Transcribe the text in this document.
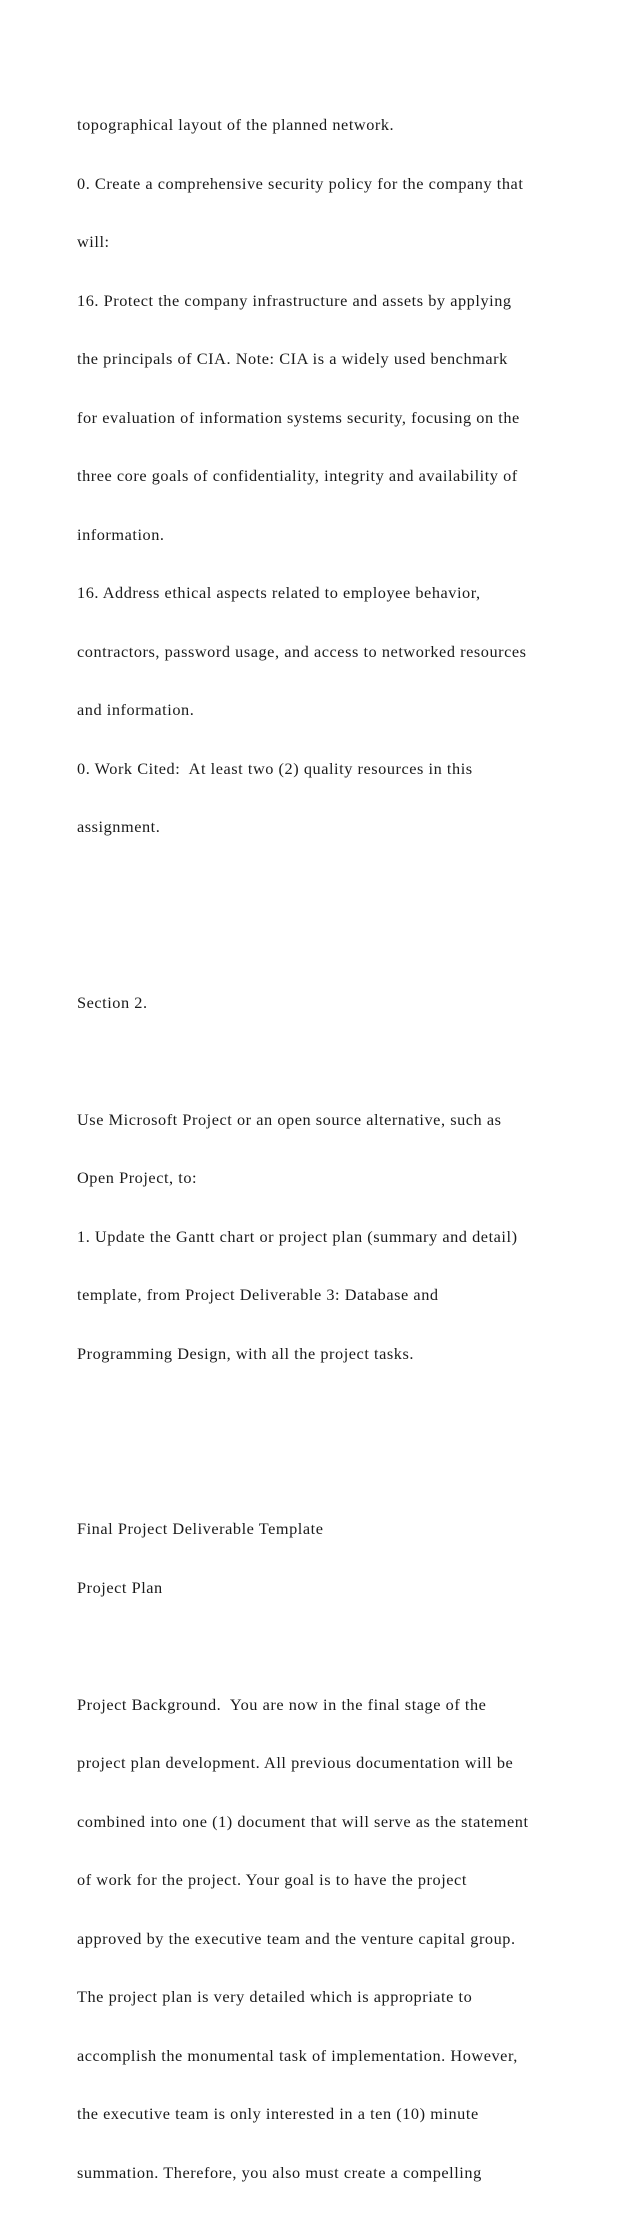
topographical layout of the planned network.

0. Create a comprehensive security policy for the company that

will:

16. Protect the company infrastructure and assets by applying

the principals of CIA. Note: CIA is a widely used benchmark

for evaluation of information systems security, focusing on the

three core goals of confidentiality, integrity and availability of

information.

16. Address ethical aspects related to employee behavior,

contractors, password usage, and access to networked resources

and information.

0. Work Cited:  At least two (2) quality resources in this

assignment.

Section 2.

Use Microsoft Project or an open source alternative, such as

Open Project, to:

1. Update the Gantt chart or project plan (summary and detail)

template, from Project Deliverable 3: Database and

Programming Design, with all the project tasks.

Final Project Deliverable Template

Project Plan

Project Background.  You are now in the final stage of the

project plan development. All previous documentation will be

combined into one (1) document that will serve as the statement

of work for the project. Your goal is to have the project

approved by the executive team and the venture capital group.

The project plan is very detailed which is appropriate to

accomplish the monumental task of implementation. However,

the executive team is only interested in a ten (10) minute

summation. Therefore, you also must create a compelling
